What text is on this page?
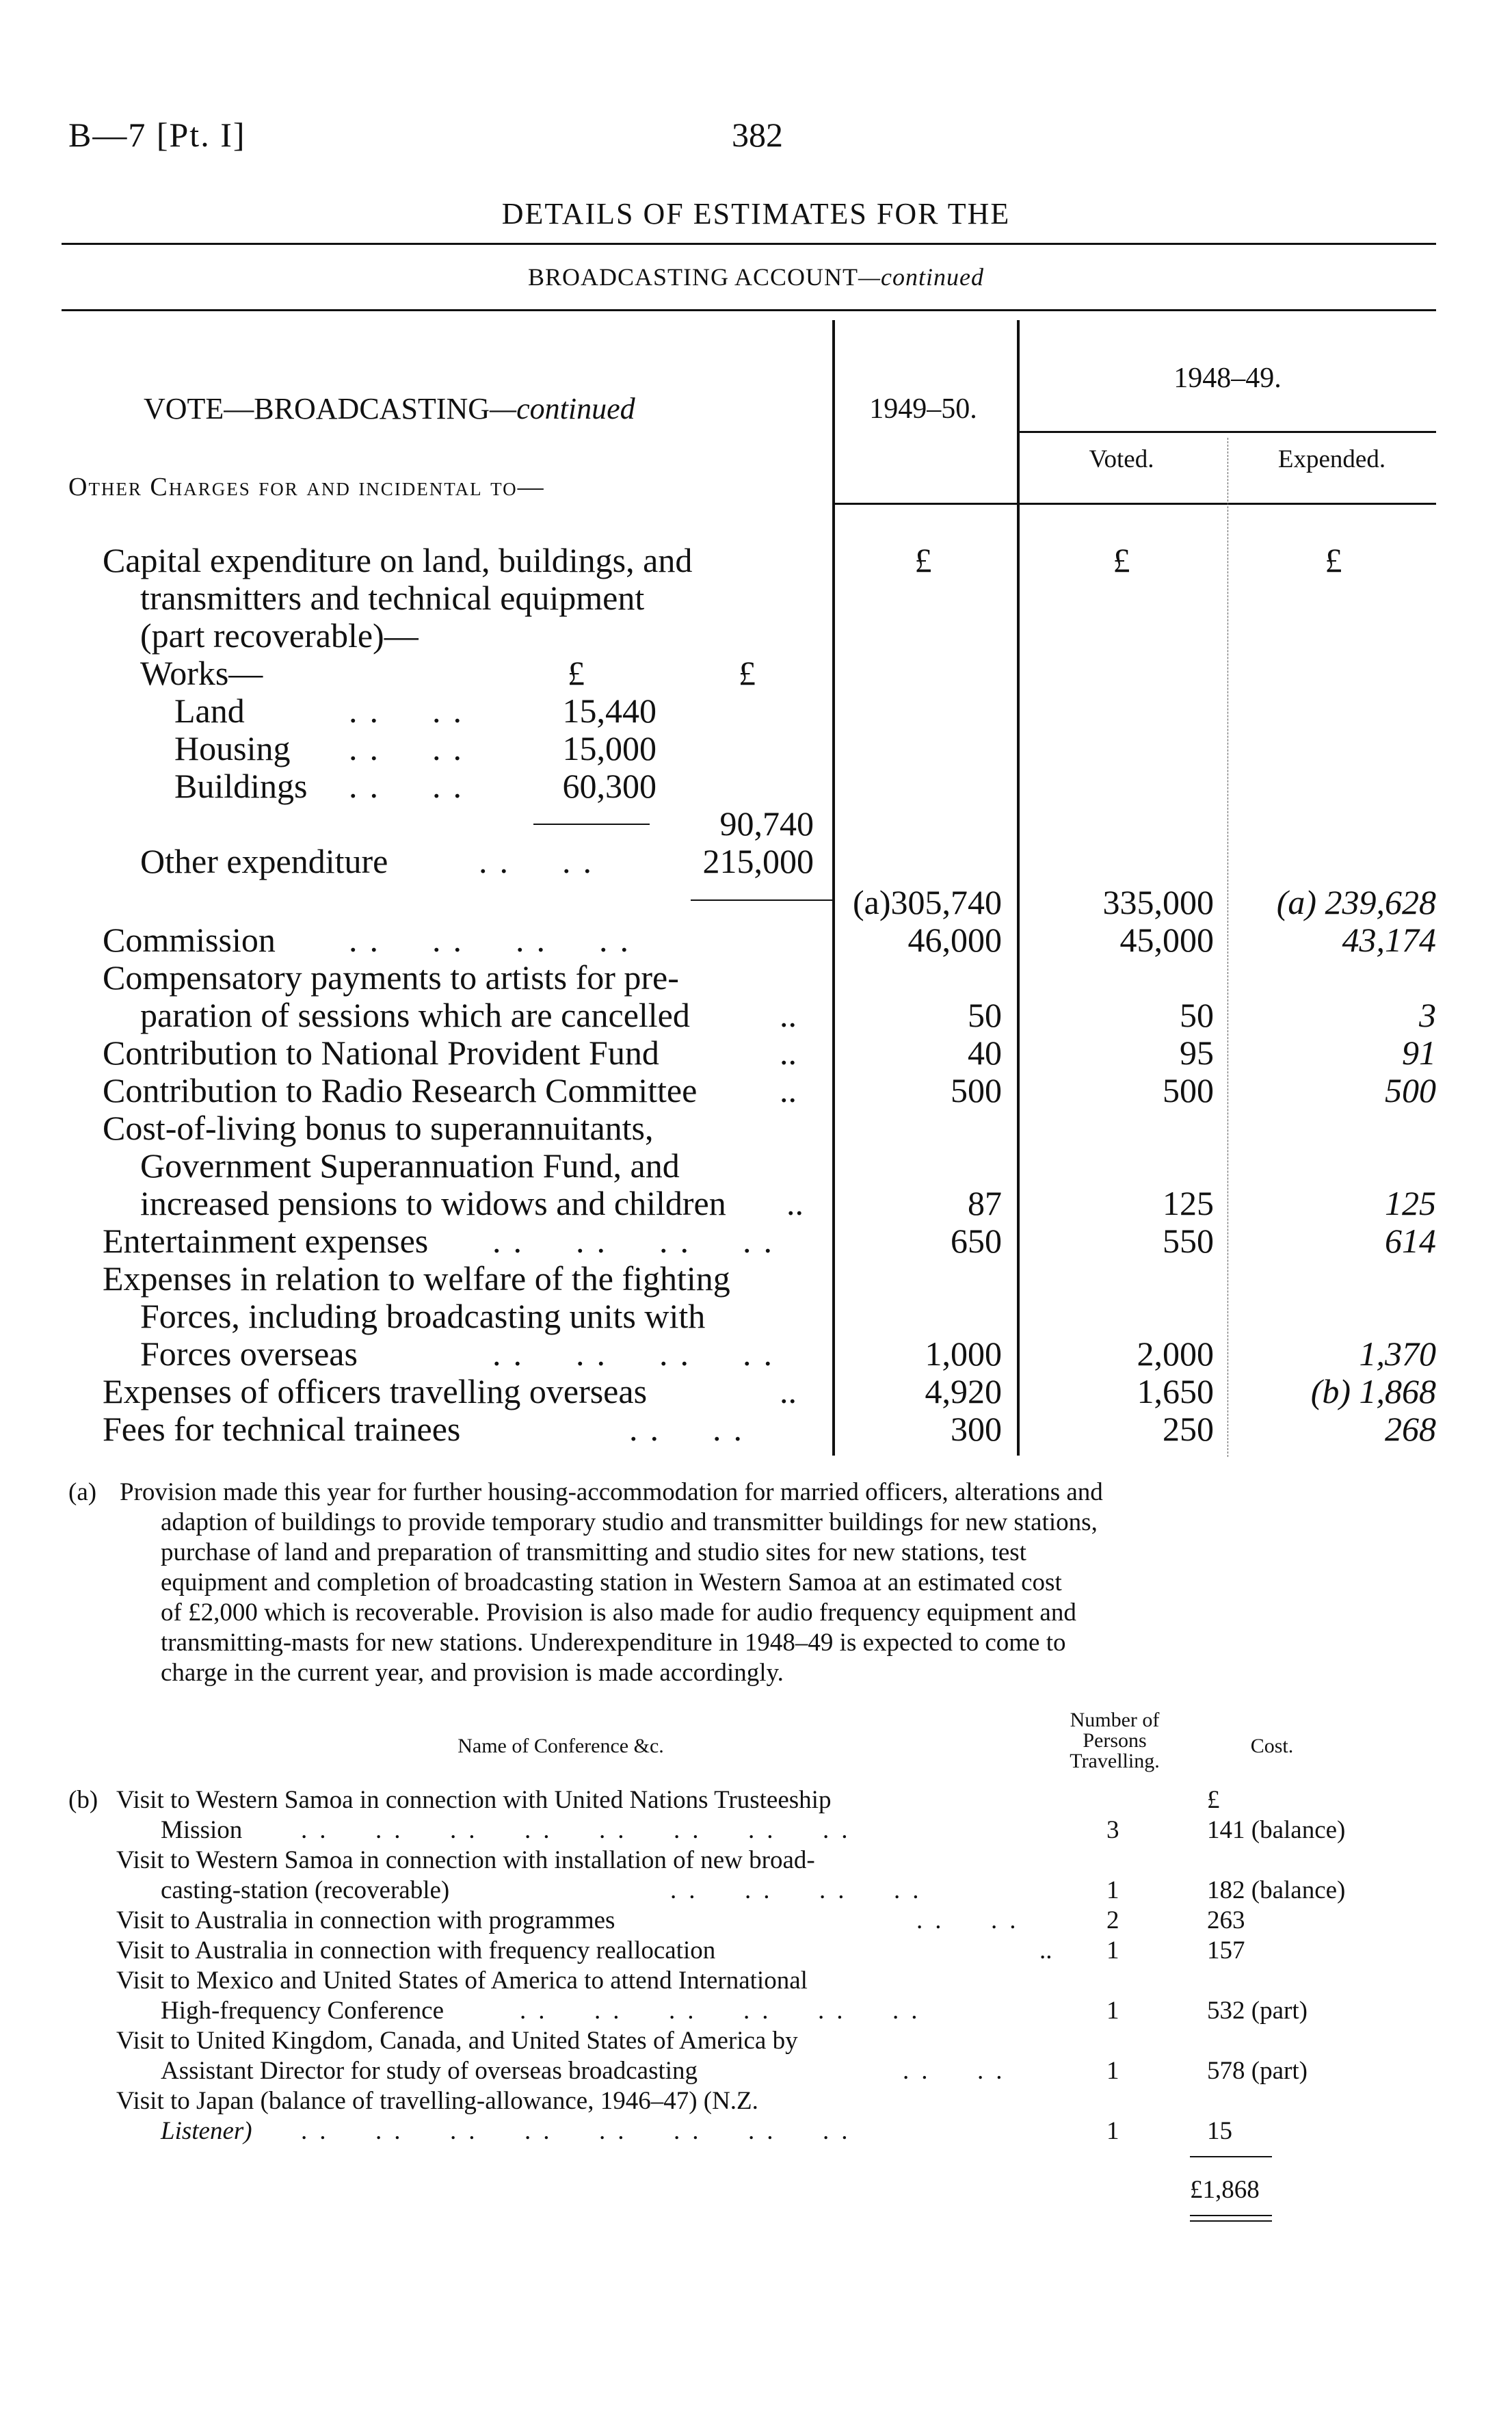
B—7 [Pt. I]	382
DETAILS OF ESTIMATES FOR THE
BROADCASTING ACCOUNT—continued
VOTE—BROADCASTING—continued
Other Charges for and incidental to—
1949–50.
1948–49.
Voted.	Expended.
Capital expenditure on land, buildings, and
transmitters and technical equipment
(part recoverable)—
£	£	£
Works—	£	£
Land	..  ..	15,440
Housing ..  ..	15,000
Buildings ..  ..	60,300
90,740
Other expenditure	..  ..	215,000
(a)305,740	335,000	(a) 239,628
Commission ..  ..  ..  ..	46,000	45,000	43,174
Compensatory payments to artists for pre-
paration of sessions which are cancelled	..	50	50	3
Contribution to National Provident Fund	..	40	95	91
Contribution to Radio Research Committee ..	500	500	500
Cost-of-living bonus to superannuitants,
Government Superannuation Fund, and
increased pensions to widows and children ..	87	125	125
Entertainment expenses ..  ..  ..  ..	650	550	614
Expenses in relation to welfare of the fighting
Forces, including broadcasting units with
Forces overseas	..  ..  ..  ..	1,000	2,000	1,370
Expenses of officers travelling overseas	..	4,920	1,650	(b) 1,868
Fees for technical trainees	..  ..	300	250	268
(a) Provision made this year for further housing-accommodation for married officers, alterations and
adaption of buildings to provide temporary studio and transmitter buildings for new stations,
purchase of land and preparation of transmitting and studio sites for new stations, test
equipment and completion of broadcasting station in Western Samoa at an estimated cost
of £2,000 which is recoverable. Provision is also made for audio frequency equipment and
transmitting-masts for new stations. Underexpenditure in 1948–49 is expected to come to
charge in the current year, and provision is made accordingly.
Name of Conference &c.
Number of
Persons
Travelling.
Cost.
(b)	£
Visit to Western Samoa in connection with United Nations Trusteeship
Mission ..  ..  ..  ..  ..  ..  ..  ..	3	141 (balance)
Visit to Western Samoa in connection with installation of new broad-
casting-station (recoverable)	..  ..  ..  ..	1	182 (balance)
Visit to Australia in connection with programmes	..  ..	2	263
Visit to Australia in connection with frequency reallocation	.. 1	157
Visit to Mexico and United States of America to attend International
High-frequency Conference	..  ..  ..  ..  ..  ..	1	532 (part)
Visit to United Kingdom, Canada, and United States of America by
Assistant Director for study of overseas broadcasting	..  ..	1	578 (part)
Visit to Japan (balance of travelling-allowance, 1946–47) (N.Z.
Listener) ..  ..  ..  ..  ..  ..  ..  ..	1	15
£1,868
